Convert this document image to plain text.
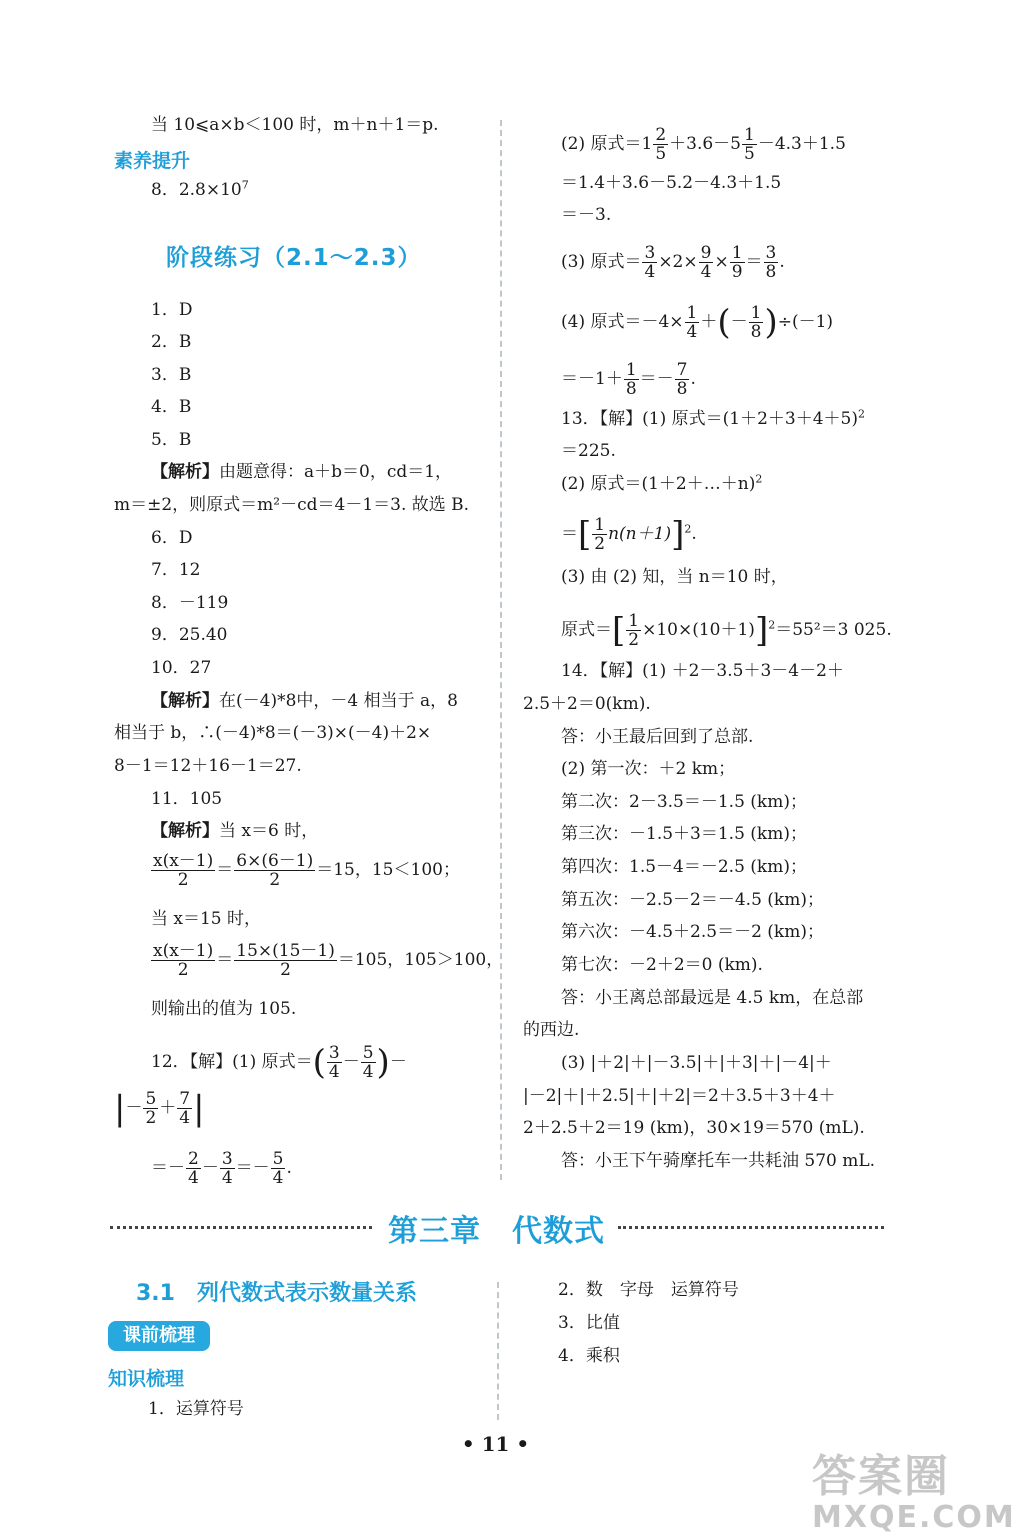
当 10⩽a×b＜100 时，m＋n＋1＝p.
素养提升
8．$2.8\times 10^7$
阶段练习（2.1～2.3）
1．D
2．B
3．B
4．B
5．B
【解析】由题意得：a＋b＝0，cd＝1，
m＝±2，则原式＝m²－cd＝4－1＝3. 故选 B.
6．D
7．12
8．－119
9．25.40
10．27
【解析】在(－4)*8中，－4 相当于 a，8
相当于 b，∴(－4)*8＝(－3)×(－4)＋2×
8－1＝12＋16－1＝27.
11．105
【解析】当 x＝6 时，
$\frac{x(x-1)}{2} = \frac{6\times(6-1)}{2} =15$，15＜100；
当 x＝15 时，
$\frac{x(x-1)}{2} = \frac{15\times(15-1)}{2} =105$，105＞100，
则输出的值为 105.
12．【解】(1) 原式＝( $\frac{3}{4} - \frac{5}{4}$ )－
|－ $\frac{5}{2} + \frac{7}{4}$ |
＝－ $\frac{2}{4} - \frac{3}{4} =- \frac{5}{4}$ .
(2) 原式$=1 \frac{2}{5} +3.6-5 \frac{1}{5} -4.3+1.5$
＝1.4＋3.6－5.2－4.3＋1.5
＝－3.
(3) 原式＝ $\frac{3}{4} \times 2\times \frac{9}{4} \times \frac{1}{9} = \frac{3}{8}$ .
(4) 原式$=-4\times \frac{1}{4}$ ＋(－ $\frac{1}{8} )\div(-1)$
$=-1+ \frac{1}{8} =- \frac{7}{8}$ .
13．【解】(1) 原式$=(1+2+3+4+5)^2$
＝225.
(2) 原式＝(1＋2＋…＋n)$^2$
＝[ $\frac{1}{2} n(n+1)]^2$.
(3) 由 (2) 知，当 n＝10 时，
原式＝[ $\frac{1}{2} \times 10\times(10+1)]^2=55^2=3$ 025.
14．【解】(1) ＋2－3.5＋3－4－2＋
2.5＋2＝0(km).
答：小王最后回到了总部.
(2) 第一次：＋2 km；
第二次：2－3.5＝－1.5 (km)；
第三次：－1.5＋3＝1.5 (km)；
第四次：1.5－4＝－2.5 (km)；
第五次：－2.5－2＝－4.5 (km)；
第六次：－4.5＋2.5＝－2 (km)；
第七次：－2＋2＝0 (km).
答：小王离总部最远是 4.5 km，在总部
的西边.
(3) |＋2|＋|－3.5|＋|＋3|＋|－4|＋
|－2|＋|＋2.5|＋|＋2|＝2＋3.5＋3＋4＋
2＋2.5＋2＝19 (km)，30×19＝570 (mL).
答：小王下午骑摩托车一共耗油 570 mL.
第三章　代数式
3.1　列代数式表示数量关系
课前梳理
知识梳理
1．运算符号
2．数　字母　运算符号
3．比值
4．乘积
• 11 •
答案圈
MXQE.COM
